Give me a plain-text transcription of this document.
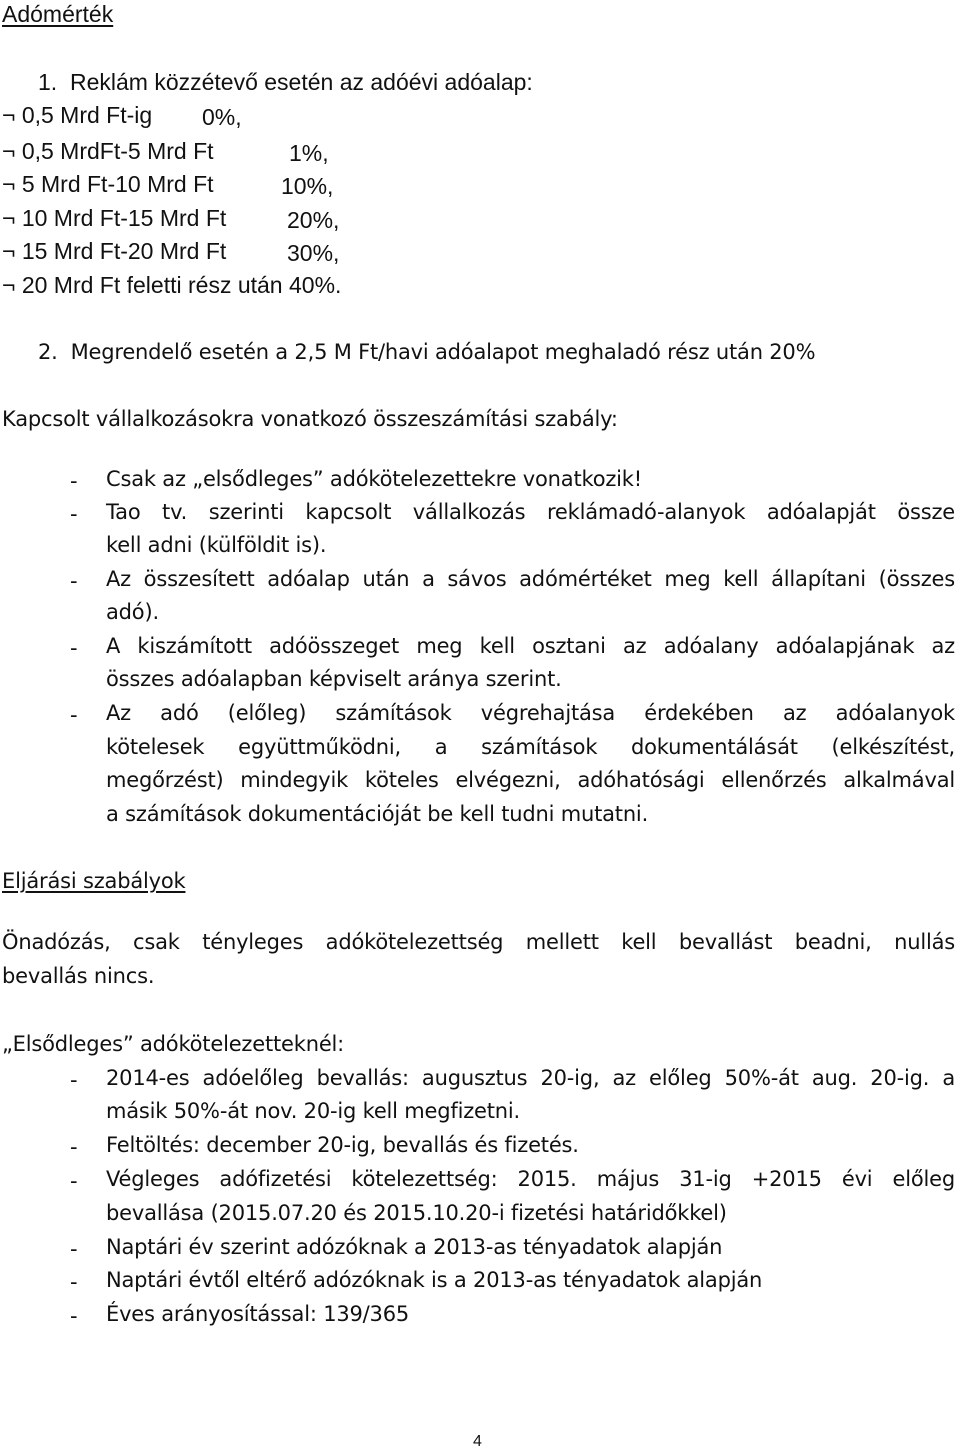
Adómérték
1.  Reklám közzétevő esetén az adóévi adóalap:
¬ 0,5 Mrd Ft-ig 0%,
¬ 0,5 MrdFt-5 Mrd Ft	1%,
¬ 5 Mrd Ft-10 Mrd Ft	10%,
¬ 10 Mrd Ft-15 Mrd Ft	20%,
¬ 15 Mrd Ft-20 Mrd Ft	30%,
¬ 20 Mrd Ft feletti rész után 40%.
2.  Megrendelő esetén a 2,5 M Ft/havi adóalapot meghaladó rész után 20%
Kapcsolt vállalkozásokra vonatkozó összeszámítási szabály:
- Csak az „elsődleges” adókötelezettekre vonatkozik!
- Tao tv. szerinti kapcsolt vállalkozás reklámadó-alanyok adóalapját össze
kell adni (külföldit is).
- Az összesített adóalap után a sávos adómértéket meg kell állapítani (összes
adó).
- A kiszámított adóösszeget meg kell osztani az adóalany adóalapjának az
összes adóalapban képviselt aránya szerint.
- Az adó (előleg) számítások végrehajtása érdekében az adóalanyok
kötelesek együttműködni, a számítások dokumentálását (elkészítést,
megőrzést) mindegyik köteles elvégezni, adóhatósági ellenőrzés alkalmával
a számítások dokumentációját be kell tudni mutatni.
Eljárási szabályok
Önadózás, csak tényleges adókötelezettség mellett kell bevallást beadni, nullás
bevallás nincs.
„Elsődleges” adókötelezetteknél:
- 2014-es adóelőleg bevallás: augusztus 20-ig, az előleg 50%-át aug. 20-ig. a
másik 50%-át nov. 20-ig kell megfizetni.
- Feltöltés: december 20-ig, bevallás és fizetés.
- Végleges adófizetési kötelezettség: 2015. május 31-ig +2015 évi előleg
bevallása (2015.07.20 és 2015.10.20-i fizetési határidőkkel)
- Naptári év szerint adózóknak a 2013-as tényadatok alapján
- Naptári évtől eltérő adózóknak is a 2013-as tényadatok alapján
- Éves arányosítással: 139/365
4
